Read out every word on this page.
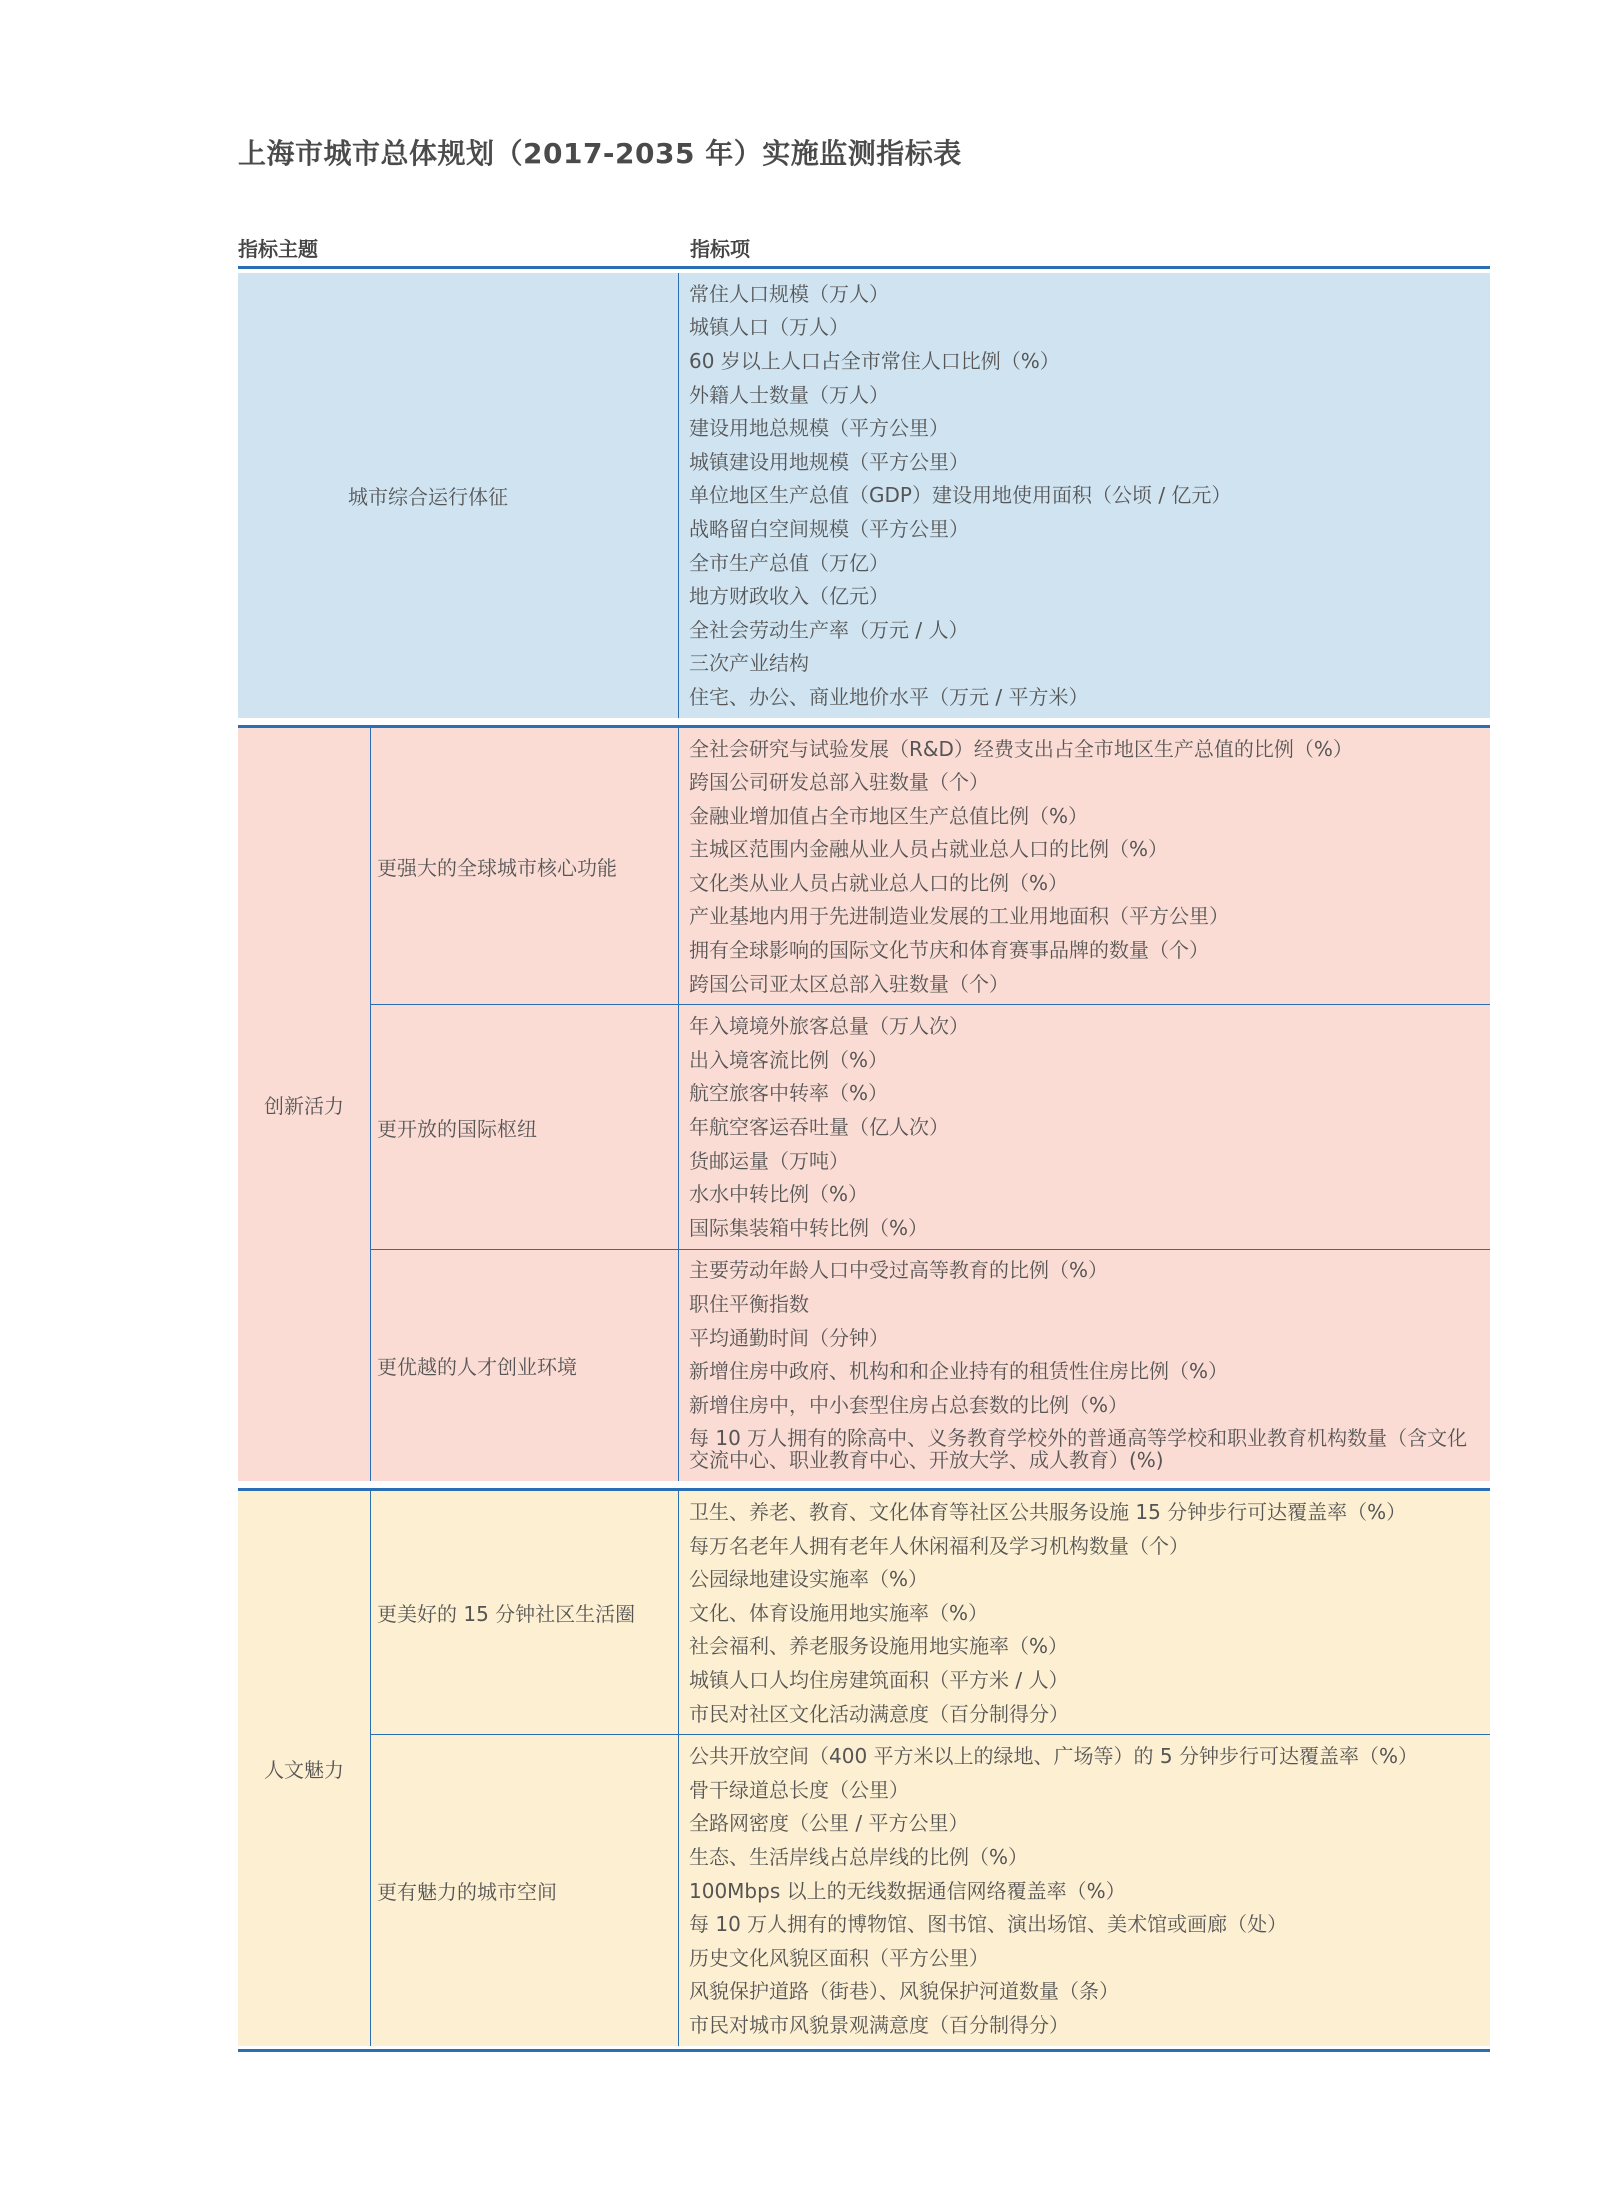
上海市城市总体规划（2017-2035 年）实施监测指标表
指标主题	指标项
城市综合运行体征
常住人口规模（万人）
城镇人口（万人）
60 岁以上人口占全市常住人口比例（%）
外籍人士数量（万人）
建设用地总规模（平方公里）
城镇建设用地规模（平方公里）
单位地区生产总值（GDP）建设用地使用面积（公顷 / 亿元）
战略留白空间规模（平方公里）
全市生产总值（万亿）
地方财政收入（亿元）
全社会劳动生产率（万元 / 人）
三次产业结构
住宅、办公、商业地价水平（万元 / 平方米）
创新活力
更强大的全球城市核心功能
全社会研究与试验发展（R&D）经费支出占全市地区生产总值的比例（%）
跨国公司研发总部入驻数量（个）
金融业增加值占全市地区生产总值比例（%）
主城区范围内金融从业人员占就业总人口的比例（%）
文化类从业人员占就业总人口的比例（%）
产业基地内用于先进制造业发展的工业用地面积（平方公里）
拥有全球影响的国际文化节庆和体育赛事品牌的数量（个）
跨国公司亚太区总部入驻数量（个）
更开放的国际枢纽
年入境境外旅客总量（万人次）
出入境客流比例（%）
航空旅客中转率（%）
年航空客运吞吐量（亿人次）
货邮运量（万吨）
水水中转比例（%）
国际集装箱中转比例（%）
更优越的人才创业环境
主要劳动年龄人口中受过高等教育的比例（%）
职住平衡指数
平均通勤时间（分钟）
新增住房中政府、机构和和企业持有的租赁性住房比例（%）
新增住房中，中小套型住房占总套数的比例（%）
每 10 万人拥有的除高中、义务教育学校外的普通高等学校和职业教育机构数量（含文化交流中心、职业教育中心、开放大学、成人教育）(%)
人文魅力
更美好的 15 分钟社区生活圈
卫生、养老、教育、文化体育等社区公共服务设施 15 分钟步行可达覆盖率（%）
每万名老年人拥有老年人休闲福利及学习机构数量（个）
公园绿地建设实施率（%）
文化、体育设施用地实施率（%）
社会福利、养老服务设施用地实施率（%）
城镇人口人均住房建筑面积（平方米 / 人）
市民对社区文化活动满意度（百分制得分）
更有魅力的城市空间
公共开放空间（400 平方米以上的绿地、广场等）的 5 分钟步行可达覆盖率（%）
骨干绿道总长度（公里）
全路网密度（公里 / 平方公里）
生态、生活岸线占总岸线的比例（%）
100Mbps 以上的无线数据通信网络覆盖率（%）
每 10 万人拥有的博物馆、图书馆、演出场馆、美术馆或画廊（处）
历史文化风貌区面积（平方公里）
风貌保护道路（街巷）、风貌保护河道数量（条）
市民对城市风貌景观满意度（百分制得分）
